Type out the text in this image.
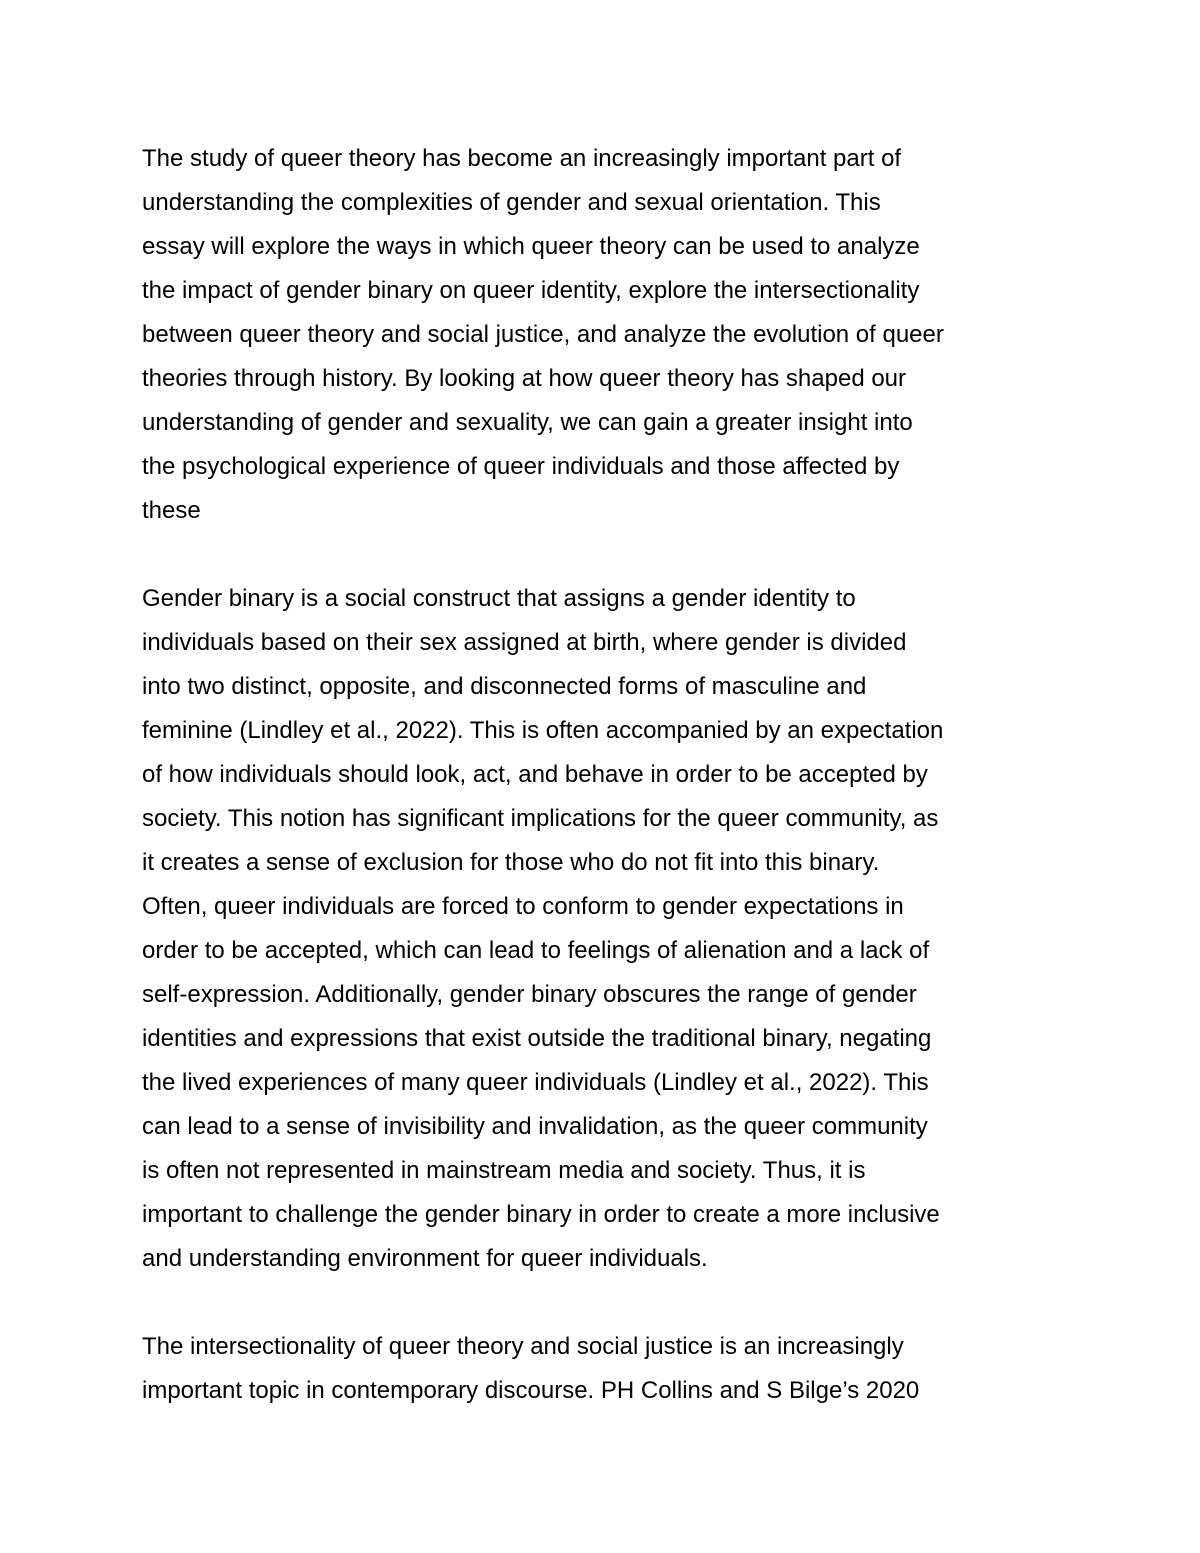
The study of queer theory has become an increasingly important part of
understanding the complexities of gender and sexual orientation. This
essay will explore the ways in which queer theory can be used to analyze
the impact of gender binary on queer identity, explore the intersectionality
between queer theory and social justice, and analyze the evolution of queer
theories through history. By looking at how queer theory has shaped our
understanding of gender and sexuality, we can gain a greater insight into
the psychological experience of queer individuals and those affected by
these

Gender binary is a social construct that assigns a gender identity to
individuals based on their sex assigned at birth, where gender is divided
into two distinct, opposite, and disconnected forms of masculine and
feminine (Lindley et al., 2022). This is often accompanied by an expectation
of how individuals should look, act, and behave in order to be accepted by
society. This notion has significant implications for the queer community, as
it creates a sense of exclusion for those who do not fit into this binary.
Often, queer individuals are forced to conform to gender expectations in
order to be accepted, which can lead to feelings of alienation and a lack of
self-expression. Additionally, gender binary obscures the range of gender
identities and expressions that exist outside the traditional binary, negating
the lived experiences of many queer individuals (Lindley et al., 2022). This
can lead to a sense of invisibility and invalidation, as the queer community
is often not represented in mainstream media and society. Thus, it is
important to challenge the gender binary in order to create a more inclusive
and understanding environment for queer individuals.

The intersectionality of queer theory and social justice is an increasingly
important topic in contemporary discourse. PH Collins and S Bilge’s 2020
